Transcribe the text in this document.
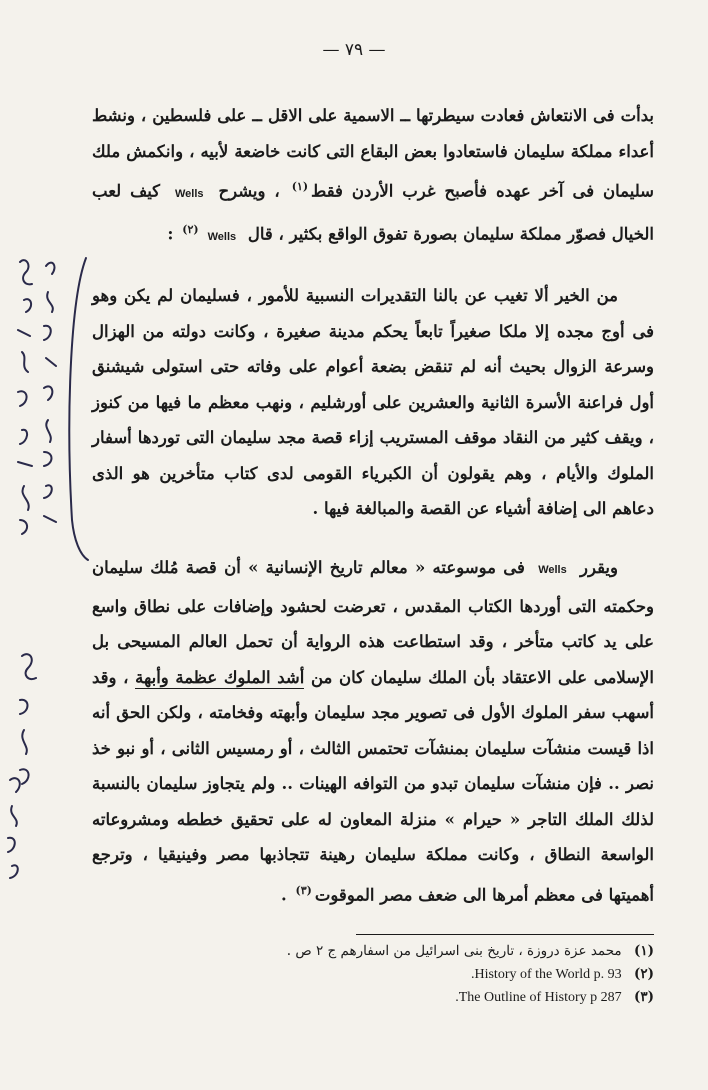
— ٧٩ —

بدأت فى الانتعاش فعادت سيطرتها ــ الاسمية على الاقل ــ على فلسطين ، ونشط أعداء مملكة سليمان فاستعادوا بعض البقاع التى كانت خاضعة لأبيه ، وانكمش ملك سليمان فى آخر عهده فأصبح غرب الأردن فقط$^{(١)}$ ، ويشرح Wells كيف لعب الخيال فصوّر مملكة سليمان بصورة تفوق الواقع بكثير ، قال Wells$^{(٢)}$ :

من الخير ألا تغيب عن بالنا التقديرات النسبية للأمور ، فسليمان لم يكن وهو فى أوج مجده إلا ملكا صغيراً تابعاً يحكم مدينة صغيرة ، وكانت دولته من الهزال وسرعة الزوال بحيث أنه لم تنقض بضعة أعوام على وفاته حتى استولى شيشنق أول فراعنة الأسرة الثانية والعشرين على أورشليم ، ونهب معظم ما فيها من كنوز ، ويقف كثير من النقاد موقف المستريب إزاء قصة مجد سليمان التى توردها أسفار الملوك والأيام ، وهم يقولون أن الكبرياء القومى لدى كتاب متأخرين هو الذى دعاهم الى إضافة أشياء عن القصة والمبالغة فيها .

ويقرر Wells فى موسوعته « معالم تاريخ الإنسانية » أن قصة مُلك سليمان وحكمته التى أوردها الكتاب المقدس ، تعرضت لحشود وإضافات على نطاق واسع على يد كاتب متأخر ، وقد استطاعت هذه الرواية أن تحمل العالم المسيحى بل الإسلامى على الاعتقاد بأن الملك سليمان كان من أشد الملوك عظمة وأبهة ، وقد أسهب سفر الملوك الأول فى تصوير مجد سليمان وأبهته وفخامته ، ولكن الحق أنه اذا قيست منشآت سليمان بمنشآت تحتمس الثالث ، أو رمسيس الثانى ، أو نبو خذ نصر .. فإن منشآت سليمان تبدو من التوافه الهينات .. ولم يتجاوز سليمان بالنسبة لذلك الملك التاجر « حيرام » منزلة المعاون له على تحقيق خططه ومشروعاته الواسعة النطاق ، وكانت مملكة سليمان رهينة تتجاذبها مصر وفينيقيا ، وترجع أهميتها فى معظم أمرها الى ضعف مصر الموقوت$^{(٣)}$ .

(١) محمد عزة دروزة ، تاريخ بنى اسرائيل من اسفارهم ج ٢ ص .
(٢) History of the World p. 93.
(٣) The Outline of History p 287.
